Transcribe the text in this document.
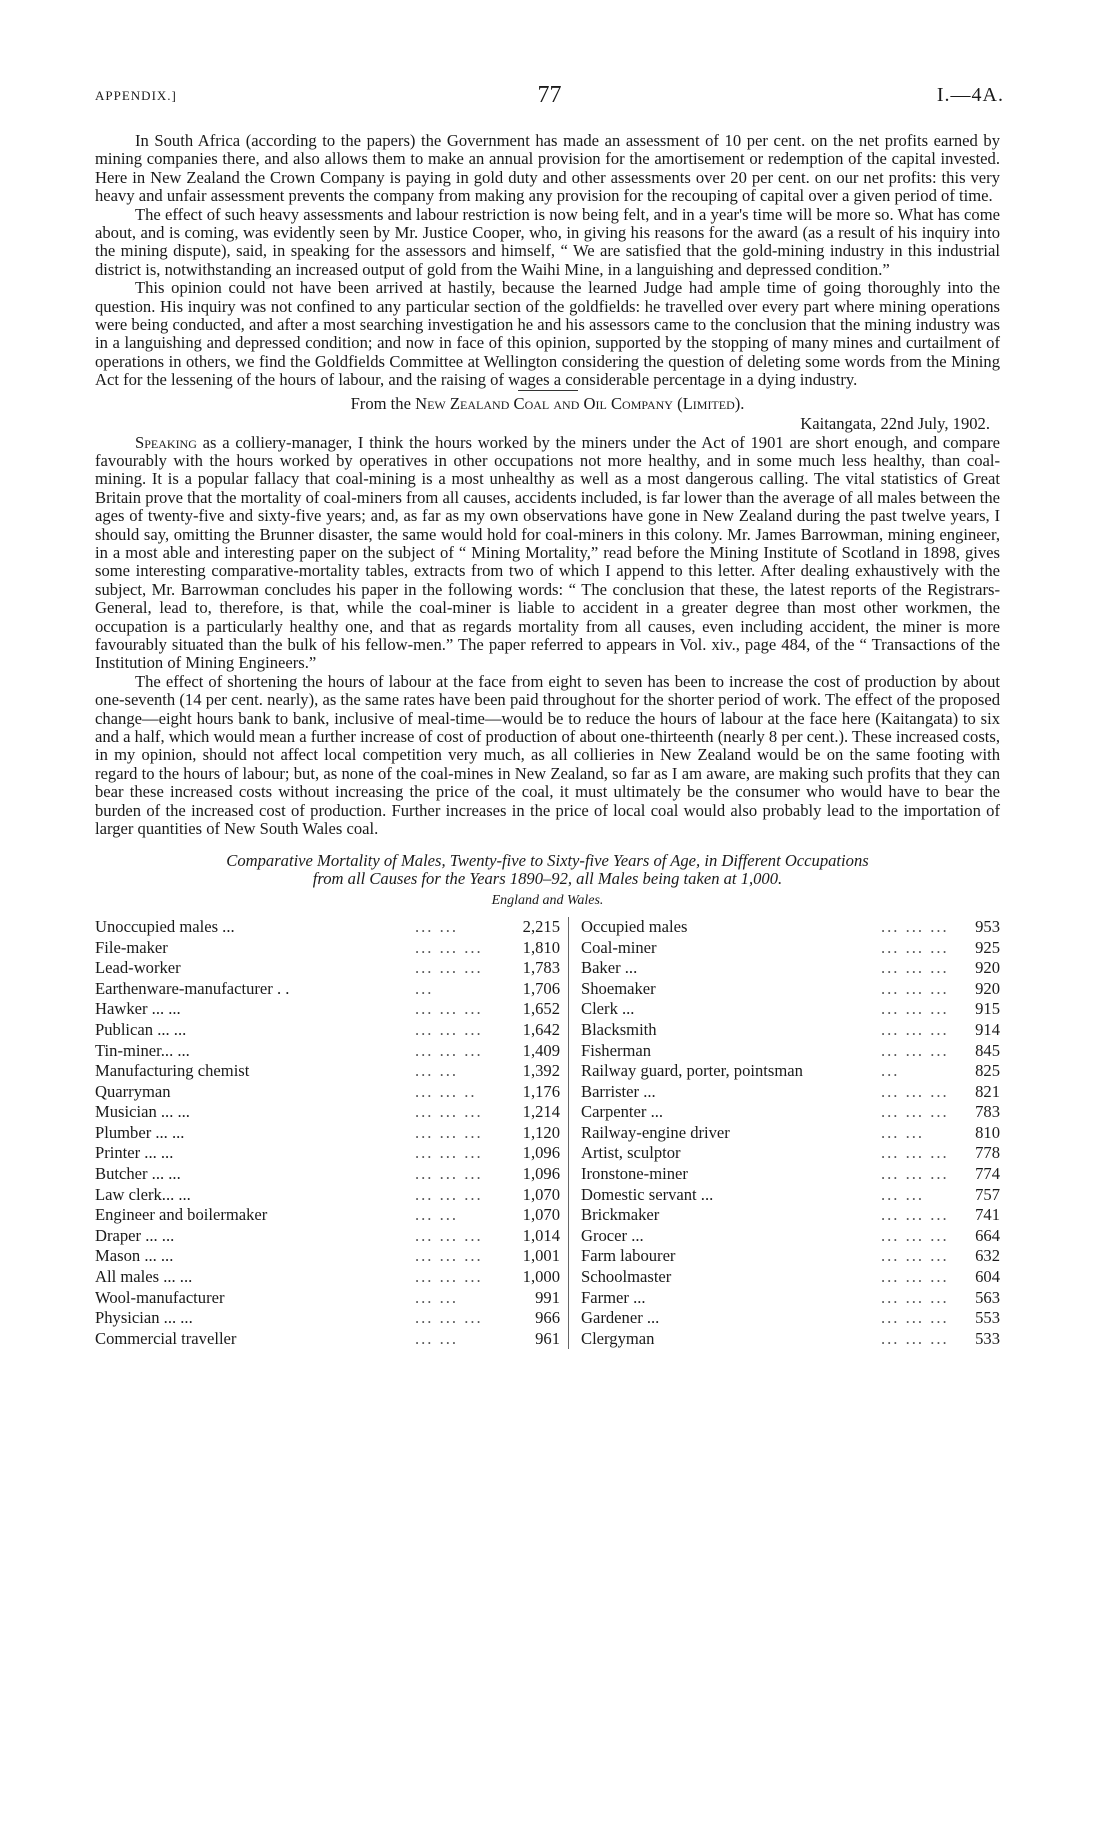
APPENDIX.]	77	I.—4A.

In South Africa (according to the papers) the Government has made an assessment of 10 per cent. on the net profits earned by mining companies there, and also allows them to make an annual provision for the amortisement or redemption of the capital invested. Here in New Zealand the Crown Company is paying in gold duty and other assessments over 20 per cent. on our net profits: this very heavy and unfair assessment prevents the company from making any provision for the recouping of capital over a given period of time.

The effect of such heavy assessments and labour restriction is now being felt, and in a year's time will be more so. What has come about, and is coming, was evidently seen by Mr. Justice Cooper, who, in giving his reasons for the award (as a result of his inquiry into the mining dispute), said, in speaking for the assessors and himself, “ We are satisfied that the gold-mining industry in this industrial district is, notwithstanding an increased output of gold from the Waihi Mine, in a languishing and depressed condition.”

This opinion could not have been arrived at hastily, because the learned Judge had ample time of going thoroughly into the question. His inquiry was not confined to any particular section of the goldfields: he travelled over every part where mining operations were being conducted, and after a most searching investigation he and his assessors came to the conclusion that the mining industry was in a languishing and depressed condition; and now in face of this opinion, supported by the stopping of many mines and curtailment of operations in others, we find the Goldfields Committee at Wellington considering the question of deleting some words from the Mining Act for the lessening of the hours of labour, and the raising of wages a considerable percentage in a dying industry.

From the New Zealand Coal and Oil Company (Limited).
Kaitangata, 22nd July, 1902.

Speaking as a colliery-manager, I think the hours worked by the miners under the Act of 1901 are short enough, and compare favourably with the hours worked by operatives in other occupations not more healthy, and in some much less healthy, than coal-mining. It is a popular fallacy that coal-mining is a most unhealthy as well as a most dangerous calling. The vital statistics of Great Britain prove that the mortality of coal-miners from all causes, accidents included, is far lower than the average of all males between the ages of twenty-five and sixty-five years; and, as far as my own observations have gone in New Zealand during the past twelve years, I should say, omitting the Brunner disaster, the same would hold for coal-miners in this colony. Mr. James Barrowman, mining engineer, in a most able and interesting paper on the subject of “ Mining Mortality,” read before the Mining Institute of Scotland in 1898, gives some interesting comparative-mortality tables, extracts from two of which I append to this letter. After dealing exhaustively with the subject, Mr. Barrowman concludes his paper in the following words: “ The conclusion that these, the latest reports of the Registrars-General, lead to, therefore, is that, while the coal-miner is liable to accident in a greater degree than most other workmen, the occupation is a particularly healthy one, and that as regards mortality from all causes, even including accident, the miner is more favourably situated than the bulk of his fellow-men.” The paper referred to appears in Vol. xiv., page 484, of the “ Transactions of the Institution of Mining Engineers.”

The effect of shortening the hours of labour at the face from eight to seven has been to increase the cost of production by about one-seventh (14 per cent. nearly), as the same rates have been paid throughout for the shorter period of work. The effect of the proposed change—eight hours bank to bank, inclusive of meal-time—would be to reduce the hours of labour at the face here (Kaitangata) to six and a half, which would mean a further increase of cost of production of about one-thirteenth (nearly 8 per cent.). These increased costs, in my opinion, should not affect local competition very much, as all collieries in New Zealand would be on the same footing with regard to the hours of labour; but, as none of the coal-mines in New Zealand, so far as I am aware, are making such profits that they can bear these increased costs without increasing the price of the coal, it must ultimately be the consumer who would have to bear the burden of the increased cost of production. Further increases in the price of local coal would also probably lead to the importation of larger quantities of New South Wales coal.

Comparative Mortality of Males, Twenty-five to Sixty-five Years of Age, in Different Occupations
from all Causes for the Years 1890–92, all Males being taken at 1,000.
England and Wales.
Unoccupied males ...	... ...	2,215	Occupied males	... ... ...	953
File-maker	... ... ...	1,810	Coal-miner	... ... ...	925
Lead-worker	... ... ...	1,783	Baker ...	... ... ...	920
Earthenware-manufacturer . .	...	1,706	Shoemaker	... ... ...	920
Hawker ... ...	... ... ...	1,652	Clerk ...	... ... ...	915
Publican ... ...	... ... ...	1,642	Blacksmith	... ... ...	914
Tin-miner... ...	... ... ...	1,409	Fisherman	... ... ...	845
Manufacturing chemist	... ...	1,392	Railway guard, porter, pointsman	...	825
Quarryman	... ... ..	1,176	Barrister ...	... ... ...	821
Musician ... ...	... ... ...	1,214	Carpenter ...	... ... ...	783
Plumber ... ...	... ... ...	1,120	Railway-engine driver	... ...	810
Printer ... ...	... ... ...	1,096	Artist, sculptor	... ... ...	778
Butcher ... ...	... ... ...	1,096	Ironstone-miner	... ... ...	774
Law clerk... ...	... ... ...	1,070	Domestic servant ...	... ...	757
Engineer and boilermaker	... ...	1,070	Brickmaker	... ... ...	741
Draper ... ...	... ... ...	1,014	Grocer ...	... ... ...	664
Mason ... ...	... ... ...	1,001	Farm labourer	... ... ...	632
All males ... ...	... ... ...	1,000	Schoolmaster	... ... ...	604
Wool-manufacturer	... ...	991	Farmer ...	... ... ...	563
Physician ... ...	... ... ...	966	Gardener ...	... ... ...	553
Commercial traveller	... ...	961	Clergyman	... ... ...	533
